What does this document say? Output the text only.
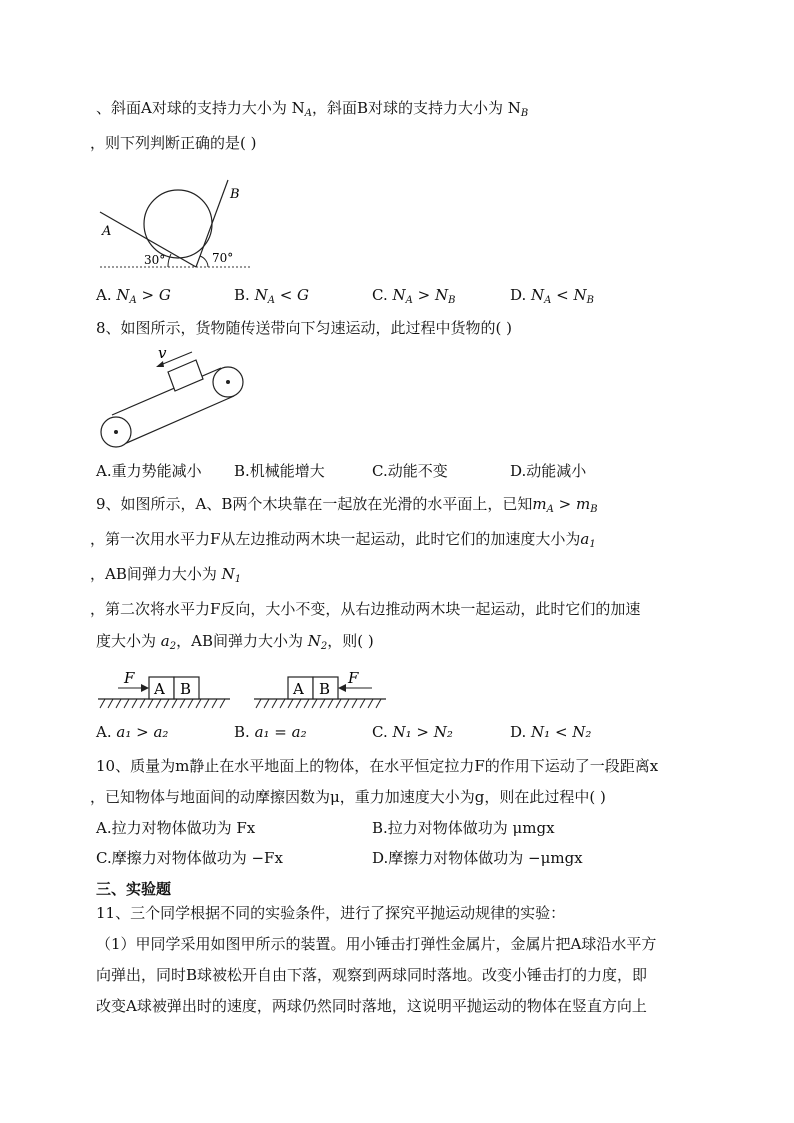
、斜面A对球的支持力大小为 $N_A$，斜面B对球的支持力大小为 $N_B$
，则下列判断正确的是( )
A
B
30°	70°
A. $N_A > G$	B. $N_A < G$	C. $N_A > N_B$	D. $N_A < N_B$
8、如图所示，货物随传送带向下匀速运动，此过程中货物的( )
v
A.重力势能减小 B.机械能增大	C.动能不变	D.动能减小
9、如图所示，A、B两个木块靠在一起放在光滑的水平面上，已知$m_A > m_B$
，第一次用水平力F从左边推动两木块一起运动，此时它们的加速度大小为$a_1$
，AB间弹力大小为 $N_1$
，第二次将水平力F反向，大小不变，从右边推动两木块一起运动，此时它们的加速
度大小为 $a_2$，AB间弹力大小为 $N_2$，则( )
A B
F
A B
F
A. a₁ > a₂	B. a₁ = a₂	C. N₁ > N₂	D. N₁ < N₂
10、质量为m静止在水平地面上的物体，在水平恒定拉力F的作用下运动了一段距离x
，已知物体与地面间的动摩擦因数为μ，重力加速度大小为g，则在此过程中( )
A.拉力对物体做功为 Fx	B.拉力对物体做功为 μmgx
C.摩擦力对物体做功为 −Fx	D.摩擦力对物体做功为 −μmgx
三、实验题
11、三个同学根据不同的实验条件，进行了探究平抛运动规律的实验：
（1）甲同学采用如图甲所示的装置。用小锤击打弹性金属片，金属片把A球沿水平方
向弹出，同时B球被松开自由下落，观察到两球同时落地。改变小锤击打的力度，即
改变A球被弹出时的速度，两球仍然同时落地，这说明平抛运动的物体在竖直方向上
